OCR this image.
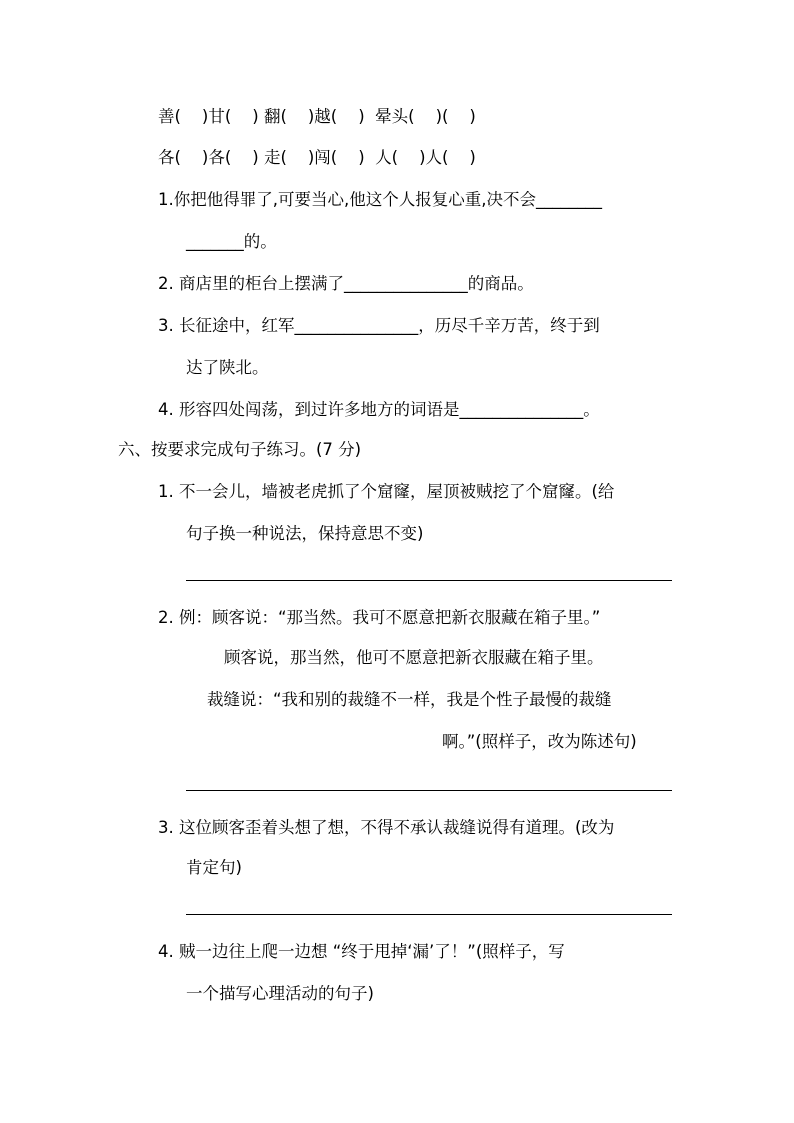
善(    )甘(    ) 翻(    )越(    )  晕头(    )(    )
各(    )各(    ) 走(    )闯(    )  人(    )人(    )
1.你把他得罪了,可要当心,他这个人报复心重,决不会________
_______的。
2. 商店里的柜台上摆满了_______________的商品。
3. 长征途中，红军_______________，历尽千辛万苦，终于到
达了陕北。
4. 形容四处闯荡，到过许多地方的词语是_______________。
六、按要求完成句子练习。(7 分)
1. 不一会儿，墙被老虎抓了个窟窿，屋顶被贼挖了个窟窿。(给
句子换一种说法，保持意思不变)
2. 例：顾客说：“那当然。我可不愿意把新衣服藏在箱子里。”
顾客说，那当然，他可不愿意把新衣服藏在箱子里。
裁缝说：“我和别的裁缝不一样，我是个性子最慢的裁缝
啊。”(照样子，改为陈述句)
3. 这位顾客歪着头想了想，不得不承认裁缝说得有道理。(改为
肯定句)
4. 贼一边往上爬一边想 “终于甩掉‘漏’了！”(照样子，写
一个描写心理活动的句子)
